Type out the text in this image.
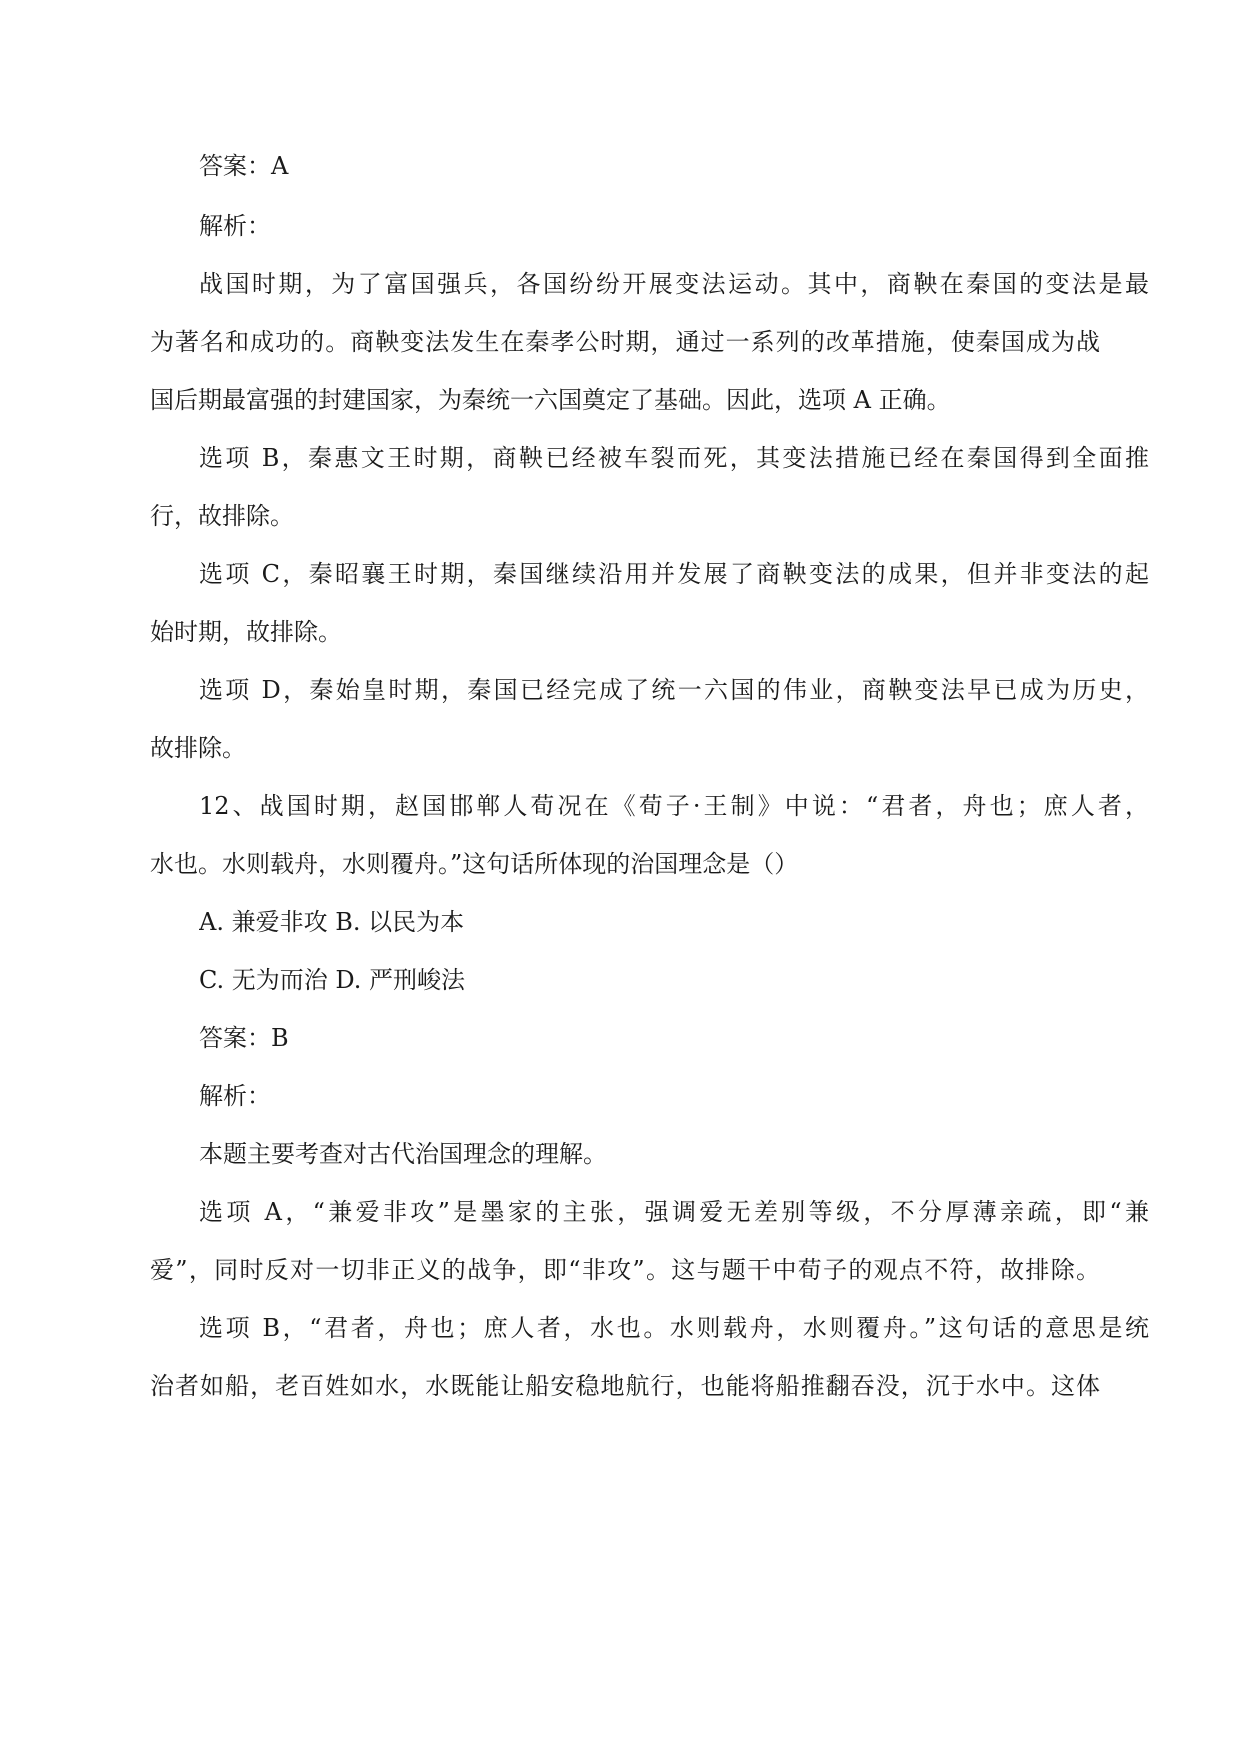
答案：A
解析：
战国时期，为了富国强兵，各国纷纷开展变法运动。其中，商鞅在秦国的变法是最
为著名和成功的。商鞅变法发生在秦孝公时期，通过一系列的改革措施，使秦国成为战
国后期最富强的封建国家，为秦统一六国奠定了基础。因此，选项 A 正确。
选项 B，秦惠文王时期，商鞅已经被车裂而死，其变法措施已经在秦国得到全面推
行，故排除。
选项 C，秦昭襄王时期，秦国继续沿用并发展了商鞅变法的成果，但并非变法的起
始时期，故排除。
选项 D，秦始皇时期，秦国已经完成了统一六国的伟业，商鞅变法早已成为历史，
故排除。
12、战国时期，赵国邯郸人荀况在《荀子·王制》中说：“君者，舟也；庶人者，
水也。水则载舟，水则覆舟。”这句话所体现的治国理念是（）
A. 兼爱非攻 B. 以民为本
C. 无为而治 D. 严刑峻法
答案：B
解析：
本题主要考查对古代治国理念的理解。
选项 A，“兼爱非攻”是墨家的主张，强调爱无差别等级，不分厚薄亲疏，即“兼
爱”，同时反对一切非正义的战争，即“非攻”。这与题干中荀子的观点不符，故排除。
选项 B，“君者，舟也；庶人者，水也。水则载舟，水则覆舟。”这句话的意思是统
治者如船，老百姓如水，水既能让船安稳地航行，也能将船推翻吞没，沉于水中。这体
